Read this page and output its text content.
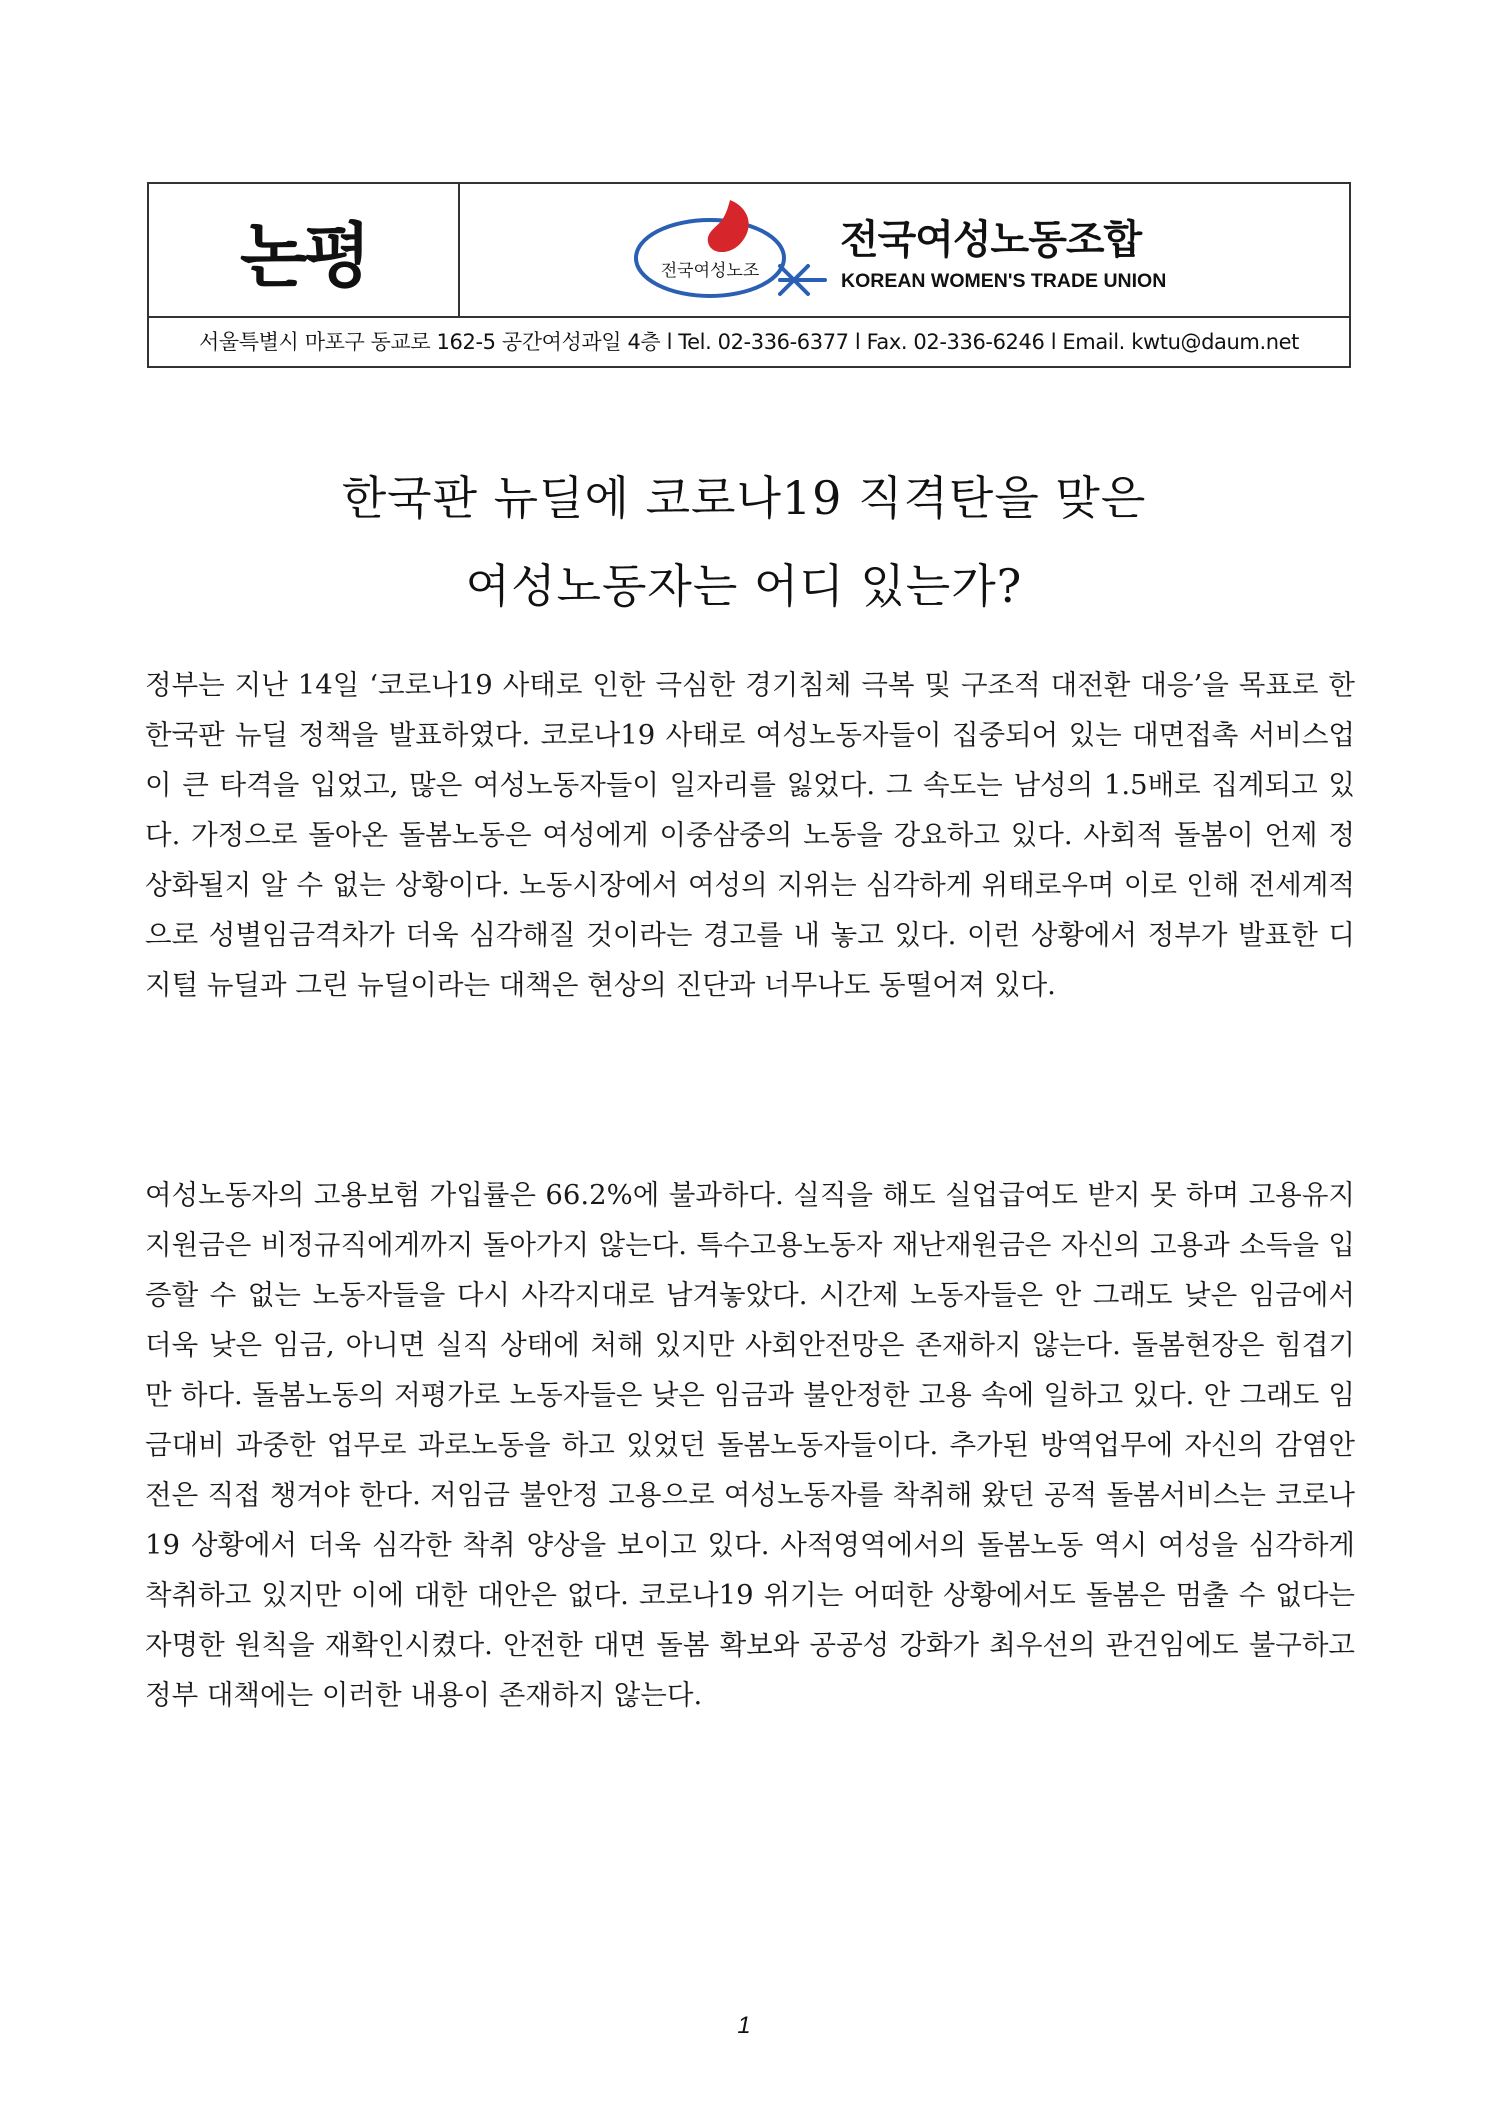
논평	전국여성노조
전국여성노동조합
KOREAN WOMEN'S TRADE UNION
서울특별시 마포구 동교로 162-5 공간여성과일 4층 l Tel. 02-336-6377 l Fax. 02-336-6246 l Email. kwtu@daum.net
한국판 뉴딜에 코로나19 직격탄을 맞은
여성노동자는 어디 있는가?

정부는 지난 14일 ‘코로나19 사태로 인한 극심한 경기침체 극복 및 구조적 대전환 대응’을 목표로 한 한국판 뉴딜 정책을 발표하였다. 코로나19 사태로 여성노동자들이 집중되어 있는 대면접촉 서비스업이 큰 타격을 입었고, 많은 여성노동자들이 일자리를 잃었다. 그 속도는 남성의 1.5배로 집계되고 있다. 가정으로 돌아온 돌봄노동은 여성에게 이중삼중의 노동을 강요하고 있다. 사회적 돌봄이 언제 정상화될지 알 수 없는 상황이다. 노동시장에서 여성의 지위는 심각하게 위태로우며 이로 인해 전세계적으로 성별임금격차가 더욱 심각해질 것이라는 경고를 내 놓고 있다. 이런 상황에서 정부가 발표한 디지털 뉴딜과 그린 뉴딜이라는 대책은 현상의 진단과 너무나도 동떨어져 있다.

여성노동자의 고용보험 가입률은 66.2%에 불과하다. 실직을 해도 실업급여도 받지 못 하며 고용유지지원금은 비정규직에게까지 돌아가지 않는다. 특수고용노동자 재난재원금은 자신의 고용과 소득을 입증할 수 없는 노동자들을 다시 사각지대로 남겨놓았다. 시간제 노동자들은 안 그래도 낮은 임금에서 더욱 낮은 임금, 아니면 실직 상태에 처해 있지만 사회안전망은 존재하지 않는다. 돌봄현장은 힘겹기만 하다. 돌봄노동의 저평가로 노동자들은 낮은 임금과 불안정한 고용 속에 일하고 있다. 안 그래도 임금대비 과중한 업무로 과로노동을 하고 있었던 돌봄노동자들이다. 추가된 방역업무에 자신의 감염안전은 직접 챙겨야 한다. 저임금 불안정 고용으로 여성노동자를 착취해 왔던 공적 돌봄서비스는 코로나19 상황에서 더욱 심각한 착취 양상을 보이고 있다. 사적영역에서의 돌봄노동 역시 여성을 심각하게 착취하고 있지만 이에 대한 대안은 없다. 코로나19 위기는 어떠한 상황에서도 돌봄은 멈출 수 없다는 자명한 원칙을 재확인시켰다. 안전한 대면 돌봄 확보와 공공성 강화가 최우선의 관건임에도 불구하고 정부 대책에는 이러한 내용이 존재하지 않는다.

1
